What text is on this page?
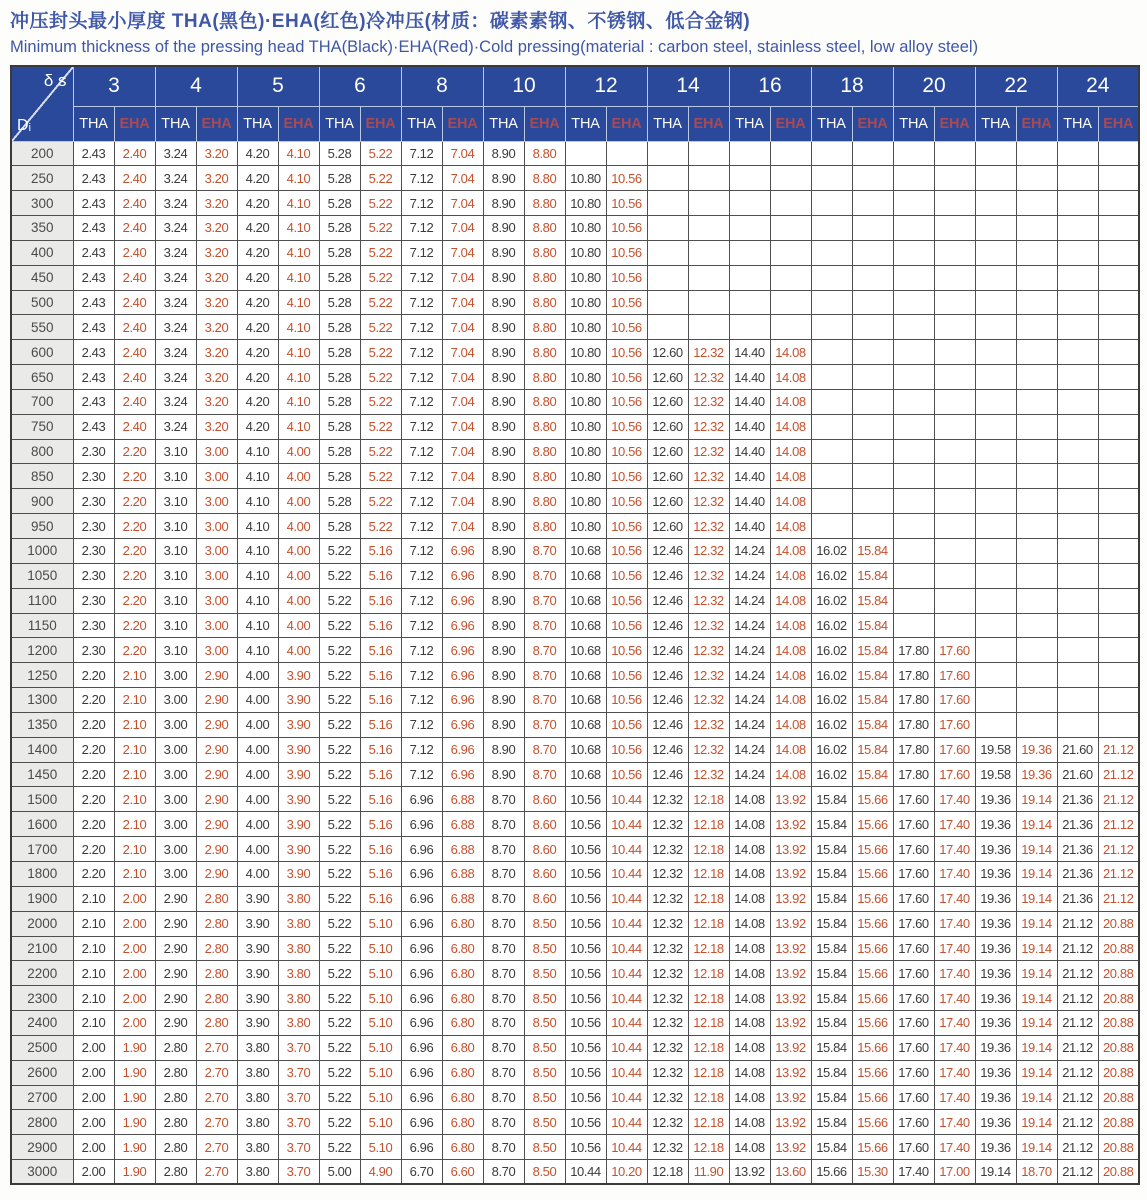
冲压封头最小厚度 THA(黑色)·EHA(红色)冷冲压(材质：碳素素钢、不锈钢、低合金钢)
Minimum thickness of the pressing head THA(Black)·EHA(Red)·Cold pressing(material : carbon steel, stainless steel, low alloy steel)
δ s
Dᵢ	3		4		5		6		8		10		12		14		16		18		20		22		24	
	THA	EHA	THA	EHA	THA	EHA	THA	EHA	THA	EHA	THA	EHA	THA	EHA	THA	EHA	THA	EHA	THA	EHA	THA	EHA	THA	EHA	THA	EHA
200	2.43	2.40	3.24	3.20	4.20	4.10	5.28	5.22	7.12	7.04	8.90	8.80														
250	2.43	2.40	3.24	3.20	4.20	4.10	5.28	5.22	7.12	7.04	8.90	8.80	10.80	10.56												
300	2.43	2.40	3.24	3.20	4.20	4.10	5.28	5.22	7.12	7.04	8.90	8.80	10.80	10.56												
350	2.43	2.40	3.24	3.20	4.20	4.10	5.28	5.22	7.12	7.04	8.90	8.80	10.80	10.56												
400	2.43	2.40	3.24	3.20	4.20	4.10	5.28	5.22	7.12	7.04	8.90	8.80	10.80	10.56												
450	2.43	2.40	3.24	3.20	4.20	4.10	5.28	5.22	7.12	7.04	8.90	8.80	10.80	10.56												
500	2.43	2.40	3.24	3.20	4.20	4.10	5.28	5.22	7.12	7.04	8.90	8.80	10.80	10.56												
550	2.43	2.40	3.24	3.20	4.20	4.10	5.28	5.22	7.12	7.04	8.90	8.80	10.80	10.56												
600	2.43	2.40	3.24	3.20	4.20	4.10	5.28	5.22	7.12	7.04	8.90	8.80	10.80	10.56	12.60	12.32	14.40	14.08								
650	2.43	2.40	3.24	3.20	4.20	4.10	5.28	5.22	7.12	7.04	8.90	8.80	10.80	10.56	12.60	12.32	14.40	14.08								
700	2.43	2.40	3.24	3.20	4.20	4.10	5.28	5.22	7.12	7.04	8.90	8.80	10.80	10.56	12.60	12.32	14.40	14.08								
750	2.43	2.40	3.24	3.20	4.20	4.10	5.28	5.22	7.12	7.04	8.90	8.80	10.80	10.56	12.60	12.32	14.40	14.08								
800	2.30	2.20	3.10	3.00	4.10	4.00	5.28	5.22	7.12	7.04	8.90	8.80	10.80	10.56	12.60	12.32	14.40	14.08								
850	2.30	2.20	3.10	3.00	4.10	4.00	5.28	5.22	7.12	7.04	8.90	8.80	10.80	10.56	12.60	12.32	14.40	14.08								
900	2.30	2.20	3.10	3.00	4.10	4.00	5.28	5.22	7.12	7.04	8.90	8.80	10.80	10.56	12.60	12.32	14.40	14.08								
950	2.30	2.20	3.10	3.00	4.10	4.00	5.28	5.22	7.12	7.04	8.90	8.80	10.80	10.56	12.60	12.32	14.40	14.08								
1000	2.30	2.20	3.10	3.00	4.10	4.00	5.22	5.16	7.12	6.96	8.90	8.70	10.68	10.56	12.46	12.32	14.24	14.08	16.02	15.84						
1050	2.30	2.20	3.10	3.00	4.10	4.00	5.22	5.16	7.12	6.96	8.90	8.70	10.68	10.56	12.46	12.32	14.24	14.08	16.02	15.84						
1100	2.30	2.20	3.10	3.00	4.10	4.00	5.22	5.16	7.12	6.96	8.90	8.70	10.68	10.56	12.46	12.32	14.24	14.08	16.02	15.84						
1150	2.30	2.20	3.10	3.00	4.10	4.00	5.22	5.16	7.12	6.96	8.90	8.70	10.68	10.56	12.46	12.32	14.24	14.08	16.02	15.84						
1200	2.30	2.20	3.10	3.00	4.10	4.00	5.22	5.16	7.12	6.96	8.90	8.70	10.68	10.56	12.46	12.32	14.24	14.08	16.02	15.84	17.80	17.60				
1250	2.20	2.10	3.00	2.90	4.00	3.90	5.22	5.16	7.12	6.96	8.90	8.70	10.68	10.56	12.46	12.32	14.24	14.08	16.02	15.84	17.80	17.60				
1300	2.20	2.10	3.00	2.90	4.00	3.90	5.22	5.16	7.12	6.96	8.90	8.70	10.68	10.56	12.46	12.32	14.24	14.08	16.02	15.84	17.80	17.60				
1350	2.20	2.10	3.00	2.90	4.00	3.90	5.22	5.16	7.12	6.96	8.90	8.70	10.68	10.56	12.46	12.32	14.24	14.08	16.02	15.84	17.80	17.60				
1400	2.20	2.10	3.00	2.90	4.00	3.90	5.22	5.16	7.12	6.96	8.90	8.70	10.68	10.56	12.46	12.32	14.24	14.08	16.02	15.84	17.80	17.60	19.58	19.36	21.60	21.12
1450	2.20	2.10	3.00	2.90	4.00	3.90	5.22	5.16	7.12	6.96	8.90	8.70	10.68	10.56	12.46	12.32	14.24	14.08	16.02	15.84	17.80	17.60	19.58	19.36	21.60	21.12
1500	2.20	2.10	3.00	2.90	4.00	3.90	5.22	5.16	6.96	6.88	8.70	8.60	10.56	10.44	12.32	12.18	14.08	13.92	15.84	15.66	17.60	17.40	19.36	19.14	21.36	21.12
1600	2.20	2.10	3.00	2.90	4.00	3.90	5.22	5.16	6.96	6.88	8.70	8.60	10.56	10.44	12.32	12.18	14.08	13.92	15.84	15.66	17.60	17.40	19.36	19.14	21.36	21.12
1700	2.20	2.10	3.00	2.90	4.00	3.90	5.22	5.16	6.96	6.88	8.70	8.60	10.56	10.44	12.32	12.18	14.08	13.92	15.84	15.66	17.60	17.40	19.36	19.14	21.36	21.12
1800	2.20	2.10	3.00	2.90	4.00	3.90	5.22	5.16	6.96	6.88	8.70	8.60	10.56	10.44	12.32	12.18	14.08	13.92	15.84	15.66	17.60	17.40	19.36	19.14	21.36	21.12
1900	2.10	2.00	2.90	2.80	3.90	3.80	5.22	5.16	6.96	6.88	8.70	8.60	10.56	10.44	12.32	12.18	14.08	13.92	15.84	15.66	17.60	17.40	19.36	19.14	21.36	21.12
2000	2.10	2.00	2.90	2.80	3.90	3.80	5.22	5.10	6.96	6.80	8.70	8.50	10.56	10.44	12.32	12.18	14.08	13.92	15.84	15.66	17.60	17.40	19.36	19.14	21.12	20.88
2100	2.10	2.00	2.90	2.80	3.90	3.80	5.22	5.10	6.96	6.80	8.70	8.50	10.56	10.44	12.32	12.18	14.08	13.92	15.84	15.66	17.60	17.40	19.36	19.14	21.12	20.88
2200	2.10	2.00	2.90	2.80	3.90	3.80	5.22	5.10	6.96	6.80	8.70	8.50	10.56	10.44	12.32	12.18	14.08	13.92	15.84	15.66	17.60	17.40	19.36	19.14	21.12	20.88
2300	2.10	2.00	2.90	2.80	3.90	3.80	5.22	5.10	6.96	6.80	8.70	8.50	10.56	10.44	12.32	12.18	14.08	13.92	15.84	15.66	17.60	17.40	19.36	19.14	21.12	20.88
2400	2.10	2.00	2.90	2.80	3.90	3.80	5.22	5.10	6.96	6.80	8.70	8.50	10.56	10.44	12.32	12.18	14.08	13.92	15.84	15.66	17.60	17.40	19.36	19.14	21.12	20.88
2500	2.00	1.90	2.80	2.70	3.80	3.70	5.22	5.10	6.96	6.80	8.70	8.50	10.56	10.44	12.32	12.18	14.08	13.92	15.84	15.66	17.60	17.40	19.36	19.14	21.12	20.88
2600	2.00	1.90	2.80	2.70	3.80	3.70	5.22	5.10	6.96	6.80	8.70	8.50	10.56	10.44	12.32	12.18	14.08	13.92	15.84	15.66	17.60	17.40	19.36	19.14	21.12	20.88
2700	2.00	1.90	2.80	2.70	3.80	3.70	5.22	5.10	6.96	6.80	8.70	8.50	10.56	10.44	12.32	12.18	14.08	13.92	15.84	15.66	17.60	17.40	19.36	19.14	21.12	20.88
2800	2.00	1.90	2.80	2.70	3.80	3.70	5.22	5.10	6.96	6.80	8.70	8.50	10.56	10.44	12.32	12.18	14.08	13.92	15.84	15.66	17.60	17.40	19.36	19.14	21.12	20.88
2900	2.00	1.90	2.80	2.70	3.80	3.70	5.22	5.10	6.96	6.80	8.70	8.50	10.56	10.44	12.32	12.18	14.08	13.92	15.84	15.66	17.60	17.40	19.36	19.14	21.12	20.88
3000	2.00	1.90	2.80	2.70	3.80	3.70	5.00	4.90	6.70	6.60	8.70	8.50	10.44	10.20	12.18	11.90	13.92	13.60	15.66	15.30	17.40	17.00	19.14	18.70	21.12	20.88
